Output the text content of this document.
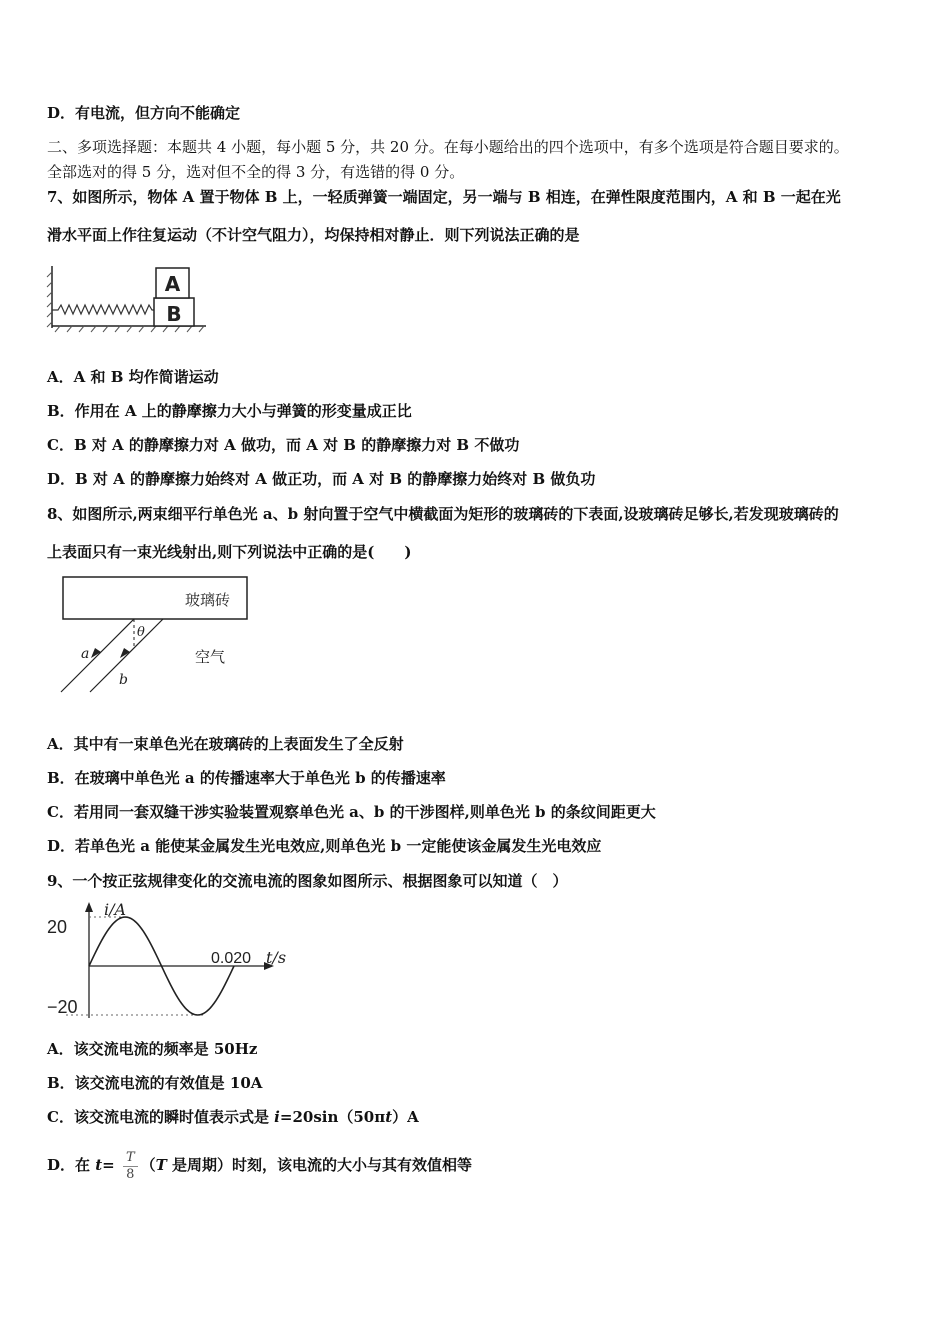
D．有电流，但方向不能确定
二、多项选择题：本题共 4 小题，每小题 5 分，共 20 分。在每小题给出的四个选项中，有多个选项是符合题目要求的。
全部选对的得 5 分，选对但不全的得 3 分，有选错的得 0 分。
7、如图所示，物体 A 置于物体 B 上，一轻质弹簧一端固定，另一端与 B 相连，在弹性限度范围内，A 和 B 一起在光
滑水平面上作往复运动（不计空气阻力），均保持相对静止．则下列说法正确的是
A
B
A．A 和 B 均作简谐运动
B．作用在 A 上的静摩擦力大小与弹簧的形变量成正比
C．B 对 A 的静摩擦力对 A 做功，而 A 对 B 的静摩擦力对 B 不做功
D．B 对 A 的静摩擦力始终对 A 做正功，而 A 对 B 的静摩擦力始终对 B 做负功
8、如图所示,两束细平行单色光 a、b 射向置于空气中横截面为矩形的玻璃砖的下表面,设玻璃砖足够长,若发现玻璃砖的
上表面只有一束光线射出,则下列说法中正确的是(　　)
玻璃砖
θ
a
b
空气
A．其中有一束单色光在玻璃砖的上表面发生了全反射
B．在玻璃中单色光 a 的传播速率大于单色光 b 的传播速率
C．若用同一套双缝干涉实验装置观察单色光 a、b 的干涉图样,则单色光 b 的条纹间距更大
D．若单色光 a 能使某金属发生光电效应,则单色光 b 一定能使该金属发生光电效应
9、一个按正弦规律变化的交流电流的图象如图所示、根据图象可以知道（　）
i/A
20
−20
0.020 t/s
A．该交流电流的频率是 50Hz
B．该交流电流的有效值是 10A
C．该交流电流的瞬时值表示式是 i=20sin（50πt）A
D．在 $t= \frac{T}{8} (T$ 是周期）时刻，该电流的大小与其有效值相等
